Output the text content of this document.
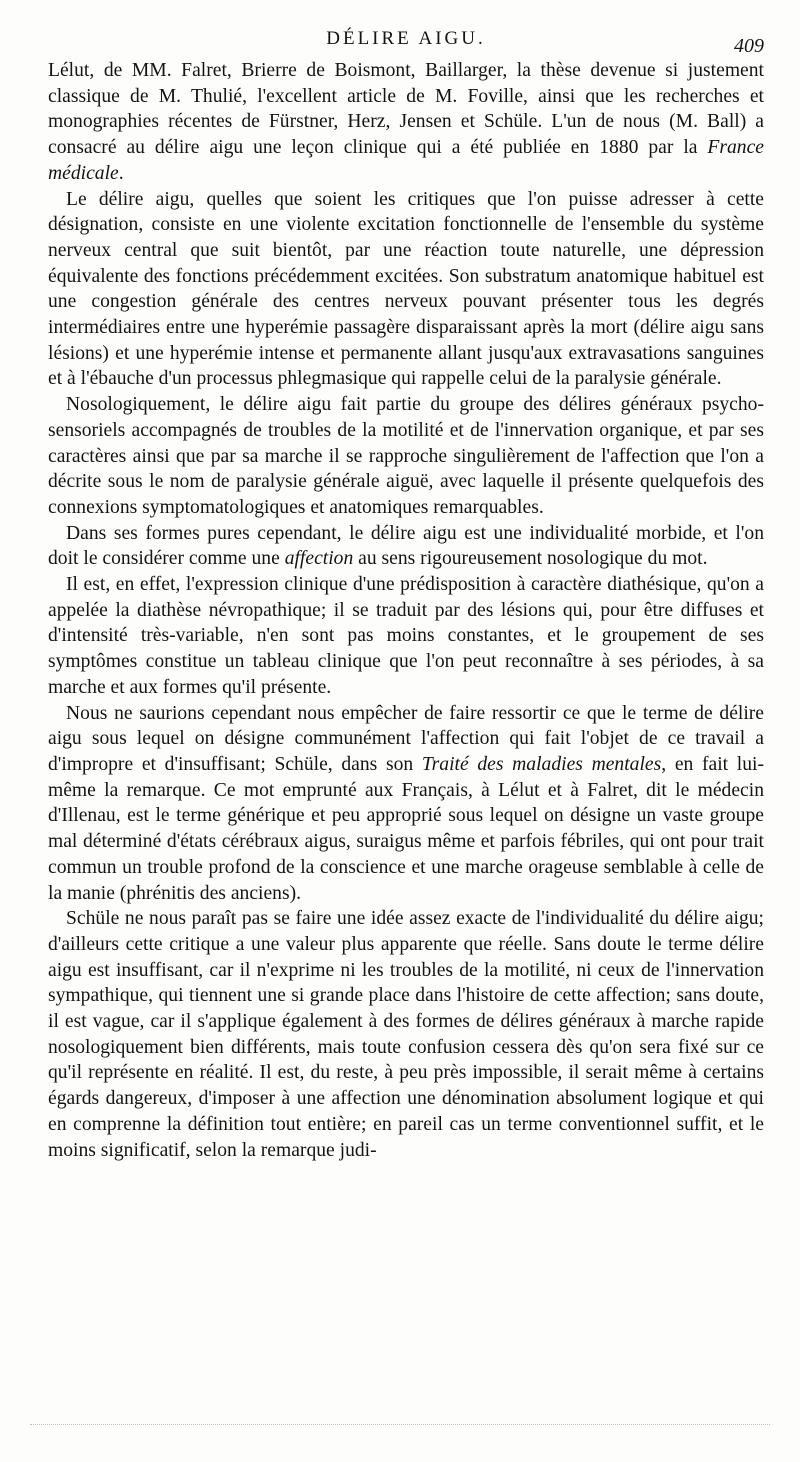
DÉLIRE AIGU.	409

Lélut, de MM. Falret, Brierre de Boismont, Baillarger, la thèse devenue si justement classique de M. Thulié, l'excellent article de M. Foville, ainsi que les recherches et monographies récentes de Fürstner, Herz, Jensen et Schüle. L'un de nous (M. Ball) a consacré au délire aigu une leçon clinique qui a été publiée en 1880 par la France médicale.

Le délire aigu, quelles que soient les critiques que l'on puisse adresser à cette désignation, consiste en une violente excitation fonctionnelle de l'ensemble du système nerveux central que suit bientôt, par une réaction toute naturelle, une dépression équivalente des fonctions précédemment excitées. Son substratum anatomique habituel est une congestion générale des centres nerveux pouvant présenter tous les degrés intermédiaires entre une hyperémie passagère disparaissant après la mort (délire aigu sans lésions) et une hyperémie intense et permanente allant jusqu'aux extravasations sanguines et à l'ébauche d'un processus phlegmasique qui rappelle celui de la paralysie générale.

Nosologiquement, le délire aigu fait partie du groupe des délires généraux psycho-sensoriels accompagnés de troubles de la motilité et de l'innervation organique, et par ses caractères ainsi que par sa marche il se rapproche singulièrement de l'affection que l'on a décrite sous le nom de paralysie générale aiguë, avec laquelle il présente quelquefois des connexions symptomatologiques et anatomiques remarquables.

Dans ses formes pures cependant, le délire aigu est une individualité morbide, et l'on doit le considérer comme une affection au sens rigoureusement nosologique du mot.

Il est, en effet, l'expression clinique d'une prédisposition à caractère diathésique, qu'on a appelée la diathèse névropathique; il se traduit par des lésions qui, pour être diffuses et d'intensité très-variable, n'en sont pas moins constantes, et le groupement de ses symptômes constitue un tableau clinique que l'on peut reconnaître à ses périodes, à sa marche et aux formes qu'il présente.

Nous ne saurions cependant nous empêcher de faire ressortir ce que le terme de délire aigu sous lequel on désigne communément l'affection qui fait l'objet de ce travail a d'impropre et d'insuffisant; Schüle, dans son Traité des maladies mentales, en fait lui-même la remarque. Ce mot emprunté aux Français, à Lélut et à Falret, dit le médecin d'Illenau, est le terme générique et peu approprié sous lequel on désigne un vaste groupe mal déterminé d'états cérébraux aigus, suraigus même et parfois fébriles, qui ont pour trait commun un trouble profond de la conscience et une marche orageuse semblable à celle de la manie (phrénitis des anciens).

Schüle ne nous paraît pas se faire une idée assez exacte de l'individualité du délire aigu; d'ailleurs cette critique a une valeur plus apparente que réelle. Sans doute le terme délire aigu est insuffisant, car il n'exprime ni les troubles de la motilité, ni ceux de l'innervation sympathique, qui tiennent une si grande place dans l'histoire de cette affection; sans doute, il est vague, car il s'applique également à des formes de délires généraux à marche rapide nosologiquement bien différents, mais toute confusion cessera dès qu'on sera fixé sur ce qu'il représente en réalité. Il est, du reste, à peu près impossible, il serait même à certains égards dangereux, d'imposer à une affection une dénomination absolument logique et qui en comprenne la définition tout entière; en pareil cas un terme conventionnel suffit, et le moins significatif, selon la remarque judi-
